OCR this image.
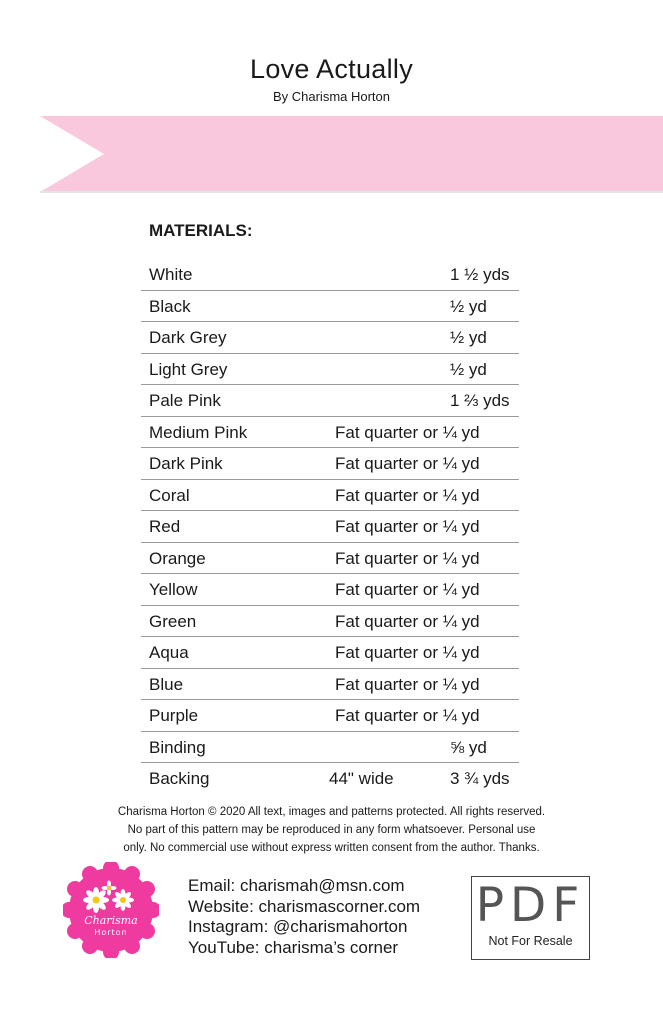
Love Actually
By Charisma Horton
MATERIALS:
White	1 ½ yds
Black	½ yd
Dark Grey	½ yd
Light Grey	½ yd
Pale Pink	1 ⅔ yds
Medium Pink	Fat quarter or ¼ yd
Dark Pink	Fat quarter or ¼ yd
Coral	Fat quarter or ¼ yd
Red	Fat quarter or ¼ yd
Orange	Fat quarter or ¼ yd
Yellow	Fat quarter or ¼ yd
Green	Fat quarter or ¼ yd
Aqua	Fat quarter or ¼ yd
Blue	Fat quarter or ¼ yd
Purple	Fat quarter or ¼ yd
Binding	⅝ yd
Backing	44" wide	3 ¾ yds
Charisma Horton © 2020 All text, images and patterns protected. All rights reserved.
No part of this pattern may be reproduced in any form whatsoever. Personal use
only. No commercial use without express written consent from the author. Thanks.
Charisma
Horton
Email: charismah@msn.com
Website: charismascorner.com
Instagram: @charismahorton
YouTube: charisma’s corner
PDF
Not For Resale
